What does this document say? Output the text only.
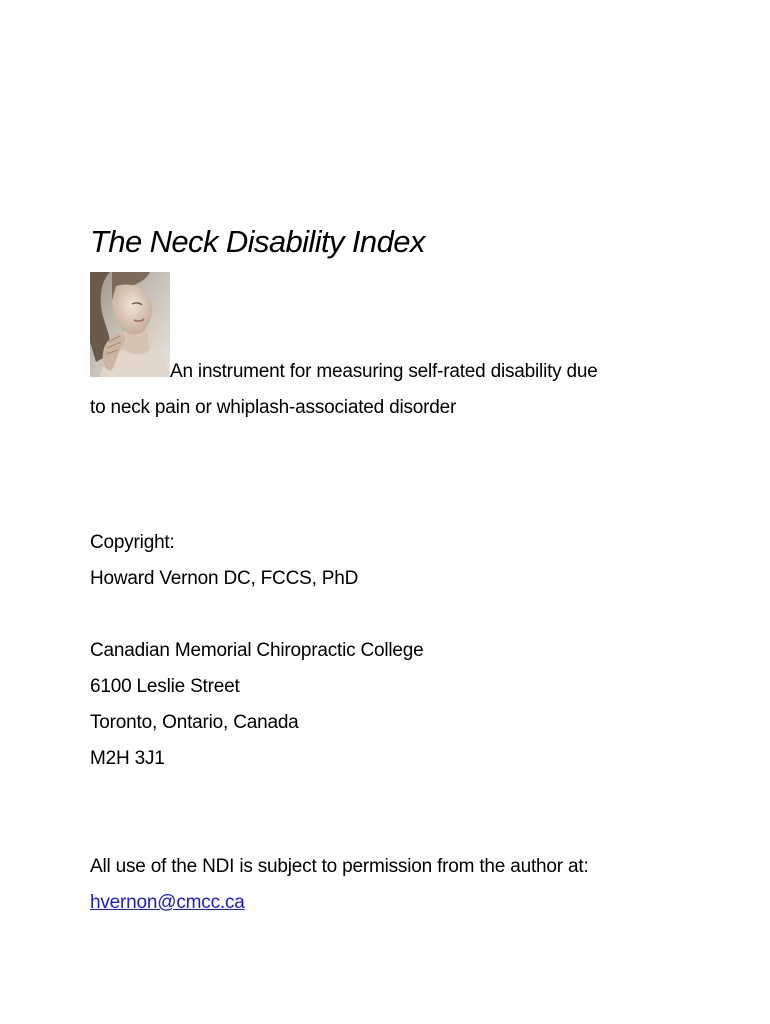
The Neck Disability Index
An instrument for measuring self-rated disability due
to neck pain or whiplash-associated disorder
Copyright:
Howard Vernon DC, FCCS, PhD
Canadian Memorial Chiropractic College
6100 Leslie Street
Toronto, Ontario, Canada
M2H 3J1
All use of the NDI is subject to permission from the author at:
hvernon@cmcc.ca
